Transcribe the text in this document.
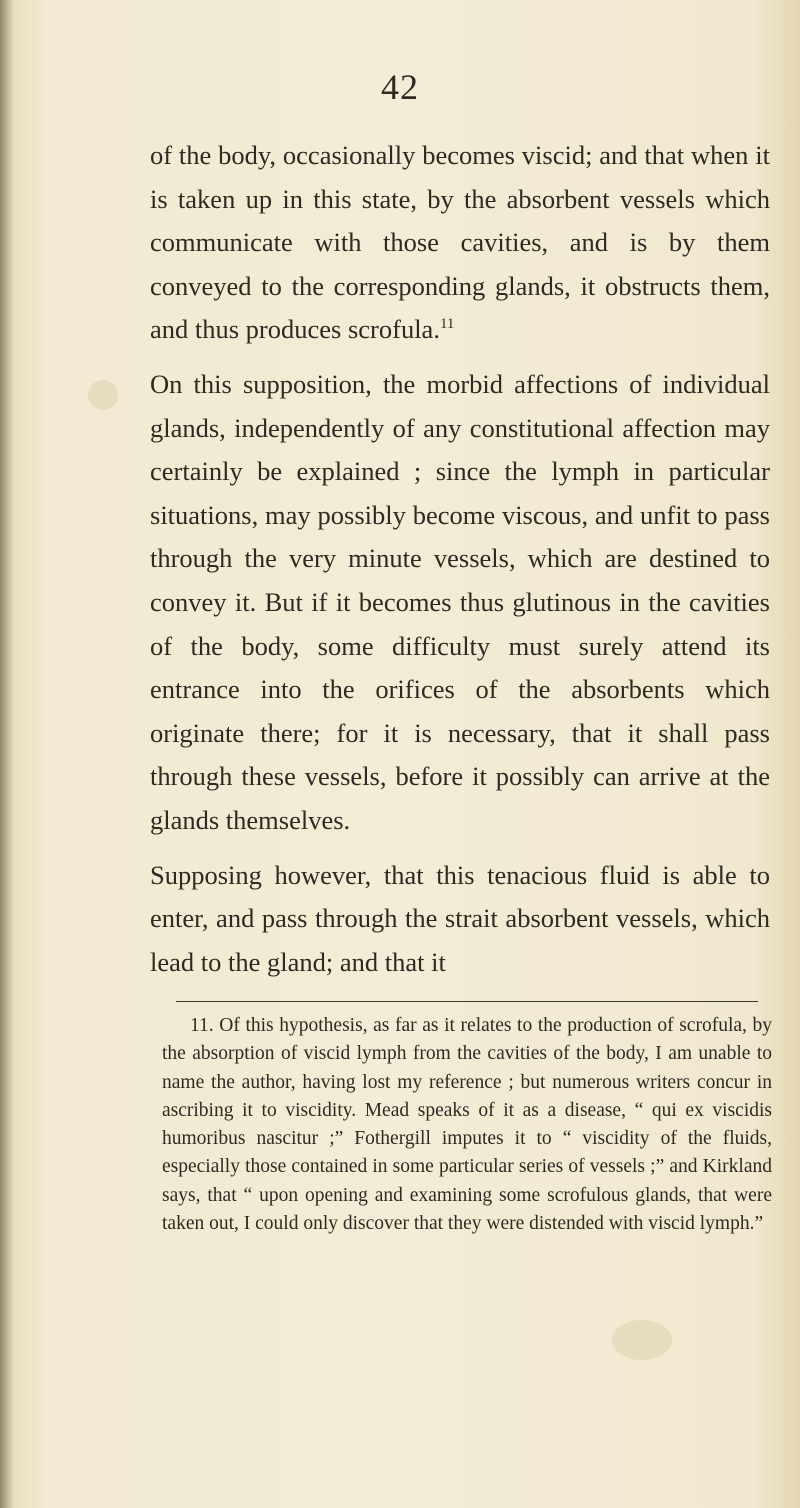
42

of the body, occasionally becomes viscid; and that when it is taken up in this state, by the absorbent vessels which communicate with those cavities, and is by them conveyed to the corresponding glands, it obstructs them, and thus produces scrofula.$^{11}$

On this supposition, the morbid affections of individual glands, independently of any constitutional affection may certainly be explained ; since the lymph in particular situations, may possibly become viscous, and unfit to pass through the very minute vessels, which are destined to convey it. But if it becomes thus glutinous in the cavities of the body, some difficulty must surely attend its entrance into the orifices of the absorbents which originate there; for it is necessary, that it shall pass through these vessels, before it possibly can arrive at the glands themselves.

Supposing however, that this tenacious fluid is able to enter, and pass through the strait absorbent vessels, which lead to the gland; and that it

11. Of this hypothesis, as far as it relates to the production of scrofula, by the absorption of viscid lymph from the cavities of the body, I am unable to name the author, having lost my reference ; but numerous writers concur in ascribing it to viscidity. Mead speaks of it as a disease, “ qui ex viscidis humoribus nascitur ;” Fothergill imputes it to “ viscidity of the fluids, especially those contained in some particular series of vessels ;” and Kirkland says, that “ upon opening and examining some scrofulous glands, that were taken out, I could only discover that they were distended with viscid lymph.”
